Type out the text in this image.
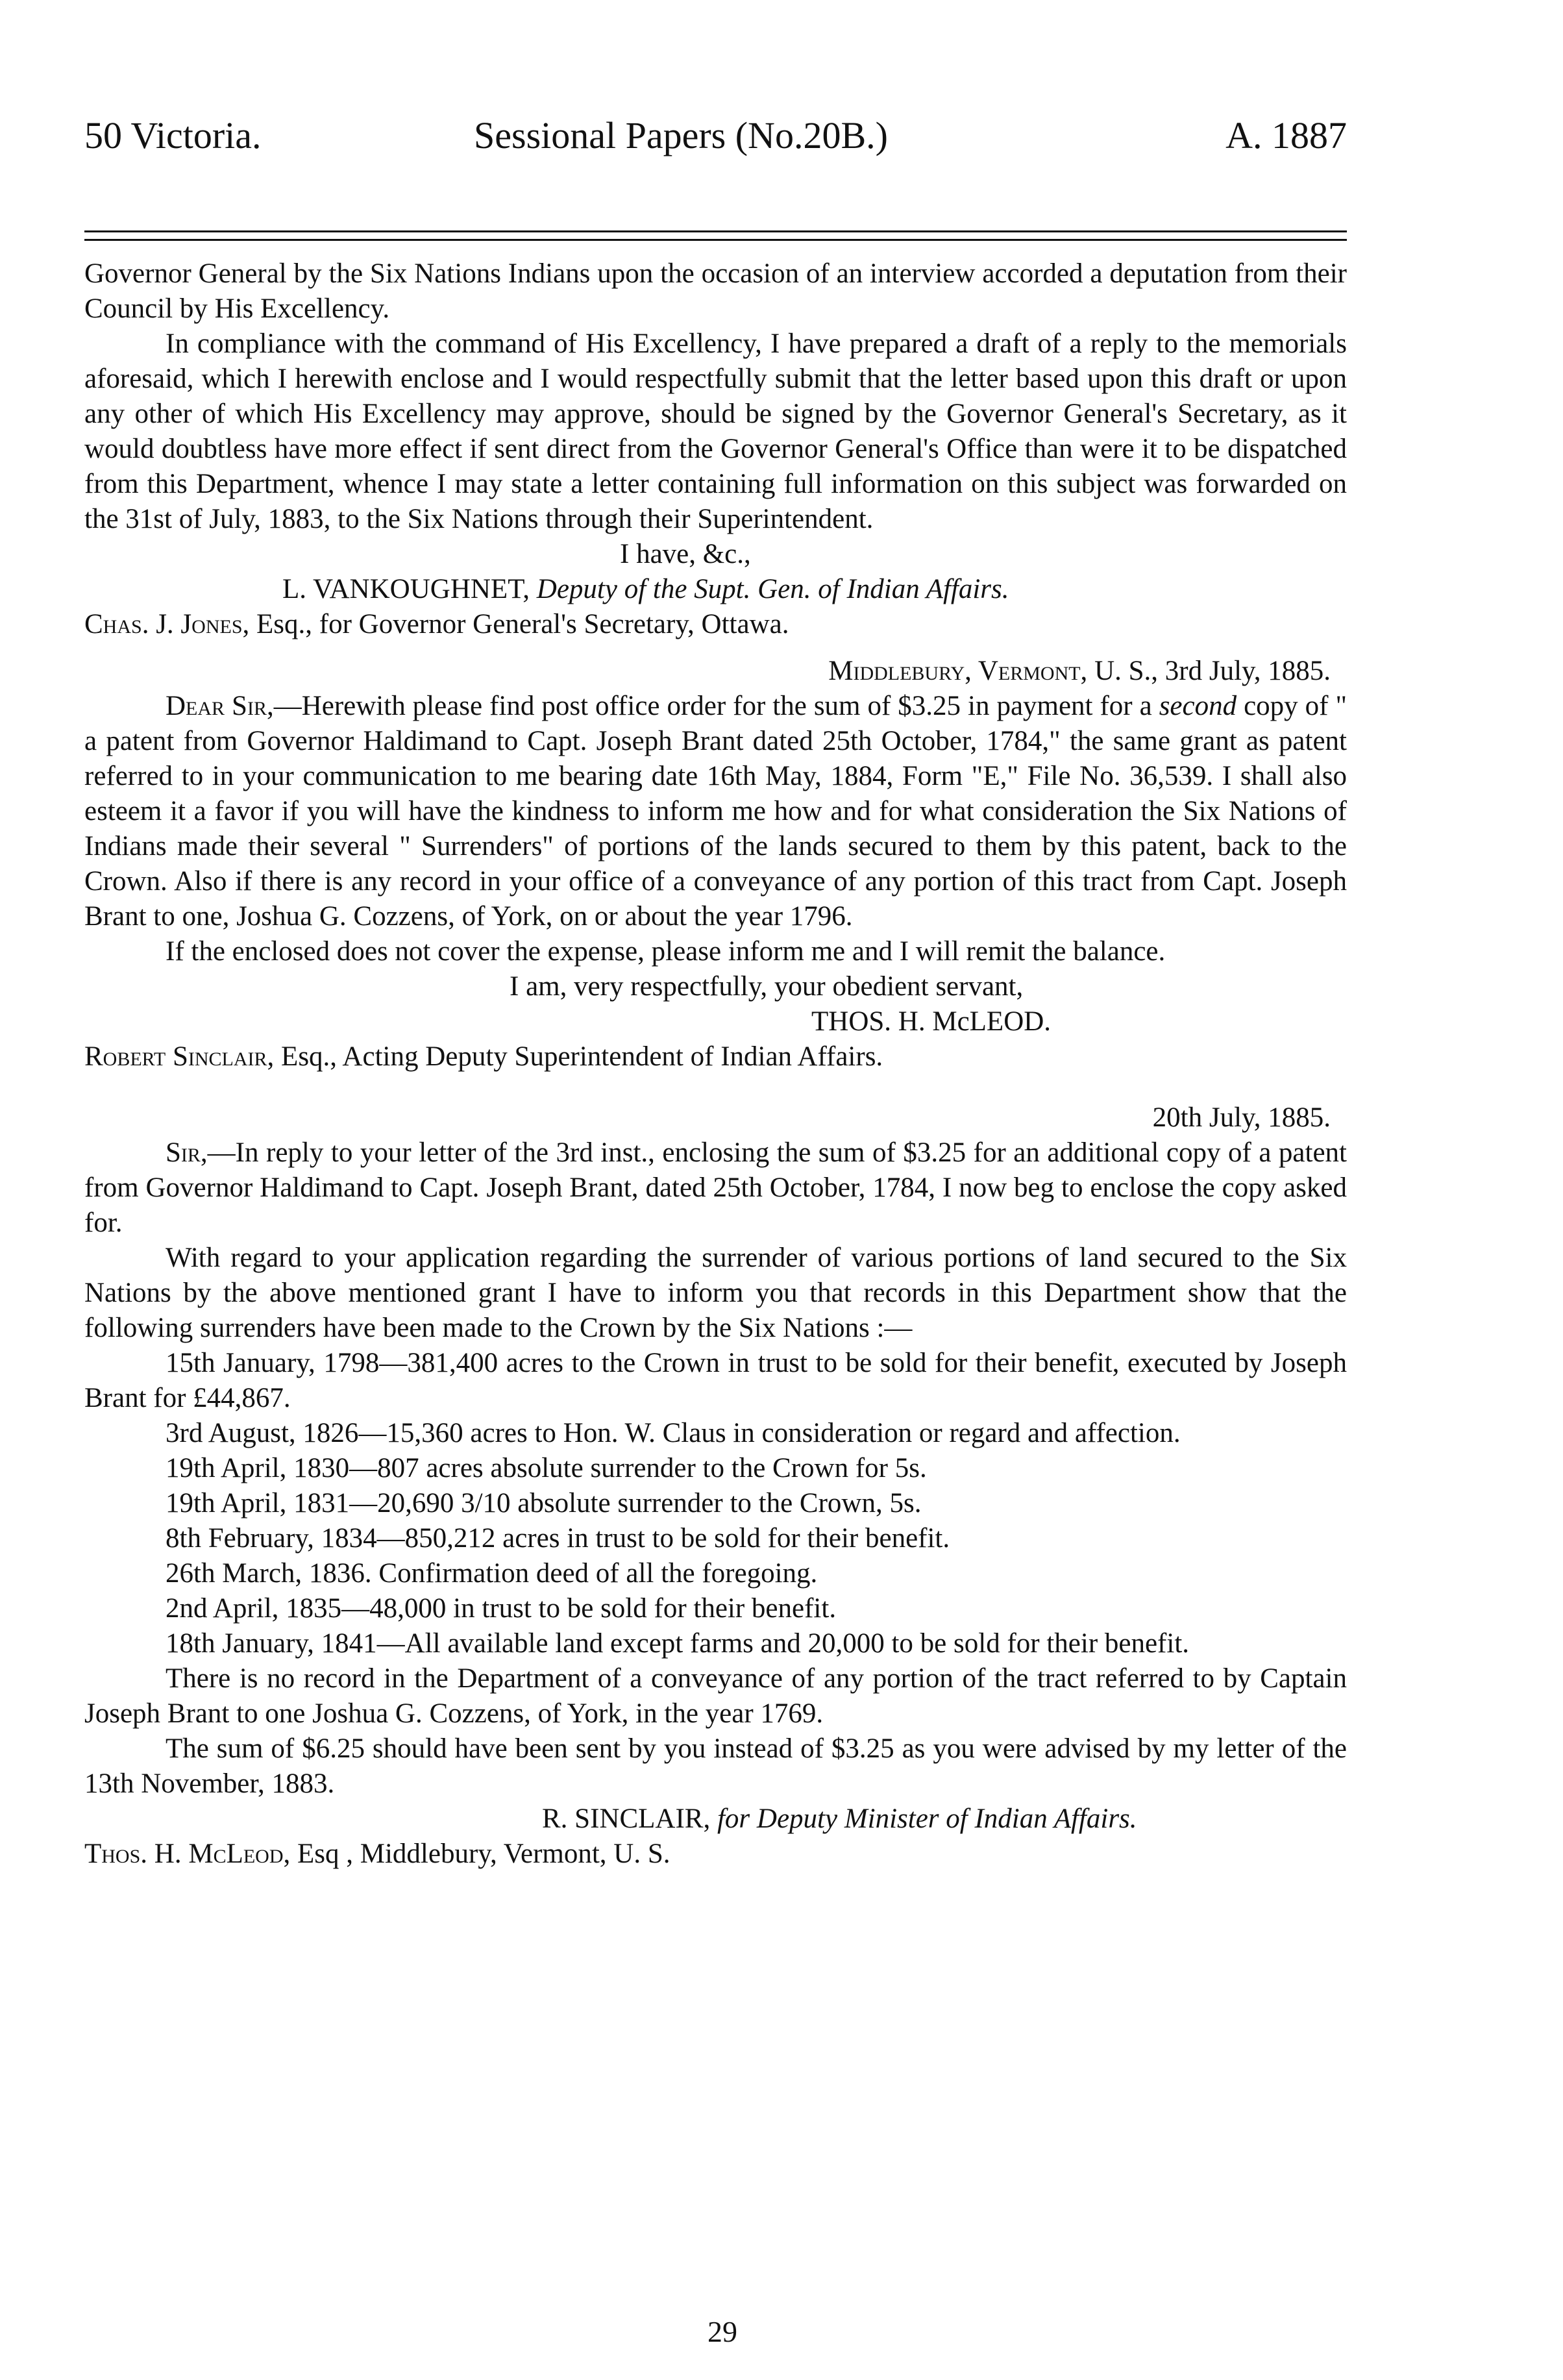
50 Victoria.	Sessional Papers (No.20B.)	A. 1887

Governor General by the Six Nations Indians upon the occasion of an interview accorded a deputation from their Council by His Excellency.

In compliance with the command of His Excellency, I have prepared a draft of a reply to the memorials aforesaid, which I herewith enclose and I would respectfully submit that the letter based upon this draft or upon any other of which His Excellency may approve, should be signed by the Governor General's Secretary, as it would doubtless have more effect if sent direct from the Governor General's Office than were it to be dispatched from this Department, whence I may state a letter containing full information on this subject was forwarded on the 31st of July, 1883, to the Six Nations through their Superintendent.

I have, &c.,

L. VANKOUGHNET, Deputy of the Supt. Gen. of Indian Affairs.

Chas. J. Jones, Esq., for Governor General's Secretary, Ottawa.

Middlebury, Vermont, U. S., 3rd July, 1885.

Dear Sir,—Herewith please find post office order for the sum of $3.25 in payment for a second copy of " a patent from Governor Haldimand to Capt. Joseph Brant dated 25th October, 1784," the same grant as patent referred to in your communication to me bearing date 16th May, 1884, Form "E," File No. 36,539. I shall also esteem it a favor if you will have the kindness to inform me how and for what consideration the Six Nations of Indians made their several " Surrenders" of portions of the lands secured to them by this patent, back to the Crown. Also if there is any record in your office of a conveyance of any portion of this tract from Capt. Joseph Brant to one, Joshua G. Cozzens, of York, on or about the year 1796.

If the enclosed does not cover the expense, please inform me and I will remit the balance.

I am, very respectfully, your obedient servant,

THOS. H. McLEOD.

Robert Sinclair, Esq., Acting Deputy Superintendent of Indian Affairs.

20th July, 1885.

Sir,—In reply to your letter of the 3rd inst., enclosing the sum of $3.25 for an additional copy of a patent from Governor Haldimand to Capt. Joseph Brant, dated 25th October, 1784, I now beg to enclose the copy asked for.

With regard to your application regarding the surrender of various portions of land secured to the Six Nations by the above mentioned grant I have to inform you that records in this Department show that the following surrenders have been made to the Crown by the Six Nations :—

15th January, 1798—381,400 acres to the Crown in trust to be sold for their benefit, executed by Joseph Brant for £44,867.

3rd August, 1826—15,360 acres to Hon. W. Claus in consideration or regard and affection.

19th April, 1830—807 acres absolute surrender to the Crown for 5s.

19th April, 1831—20,690 3/10 absolute surrender to the Crown, 5s.

8th February, 1834—850,212 acres in trust to be sold for their benefit.

26th March, 1836. Confirmation deed of all the foregoing.

2nd April, 1835—48,000 in trust to be sold for their benefit.

18th January, 1841—All available land except farms and 20,000 to be sold for their benefit.

There is no record in the Department of a conveyance of any portion of the tract referred to by Captain Joseph Brant to one Joshua G. Cozzens, of York, in the year 1769.

The sum of $6.25 should have been sent by you instead of $3.25 as you were advised by my letter of the 13th November, 1883.

R. SINCLAIR, for Deputy Minister of Indian Affairs.

Thos. H. McLeod, Esq , Middlebury, Vermont, U. S.

29
